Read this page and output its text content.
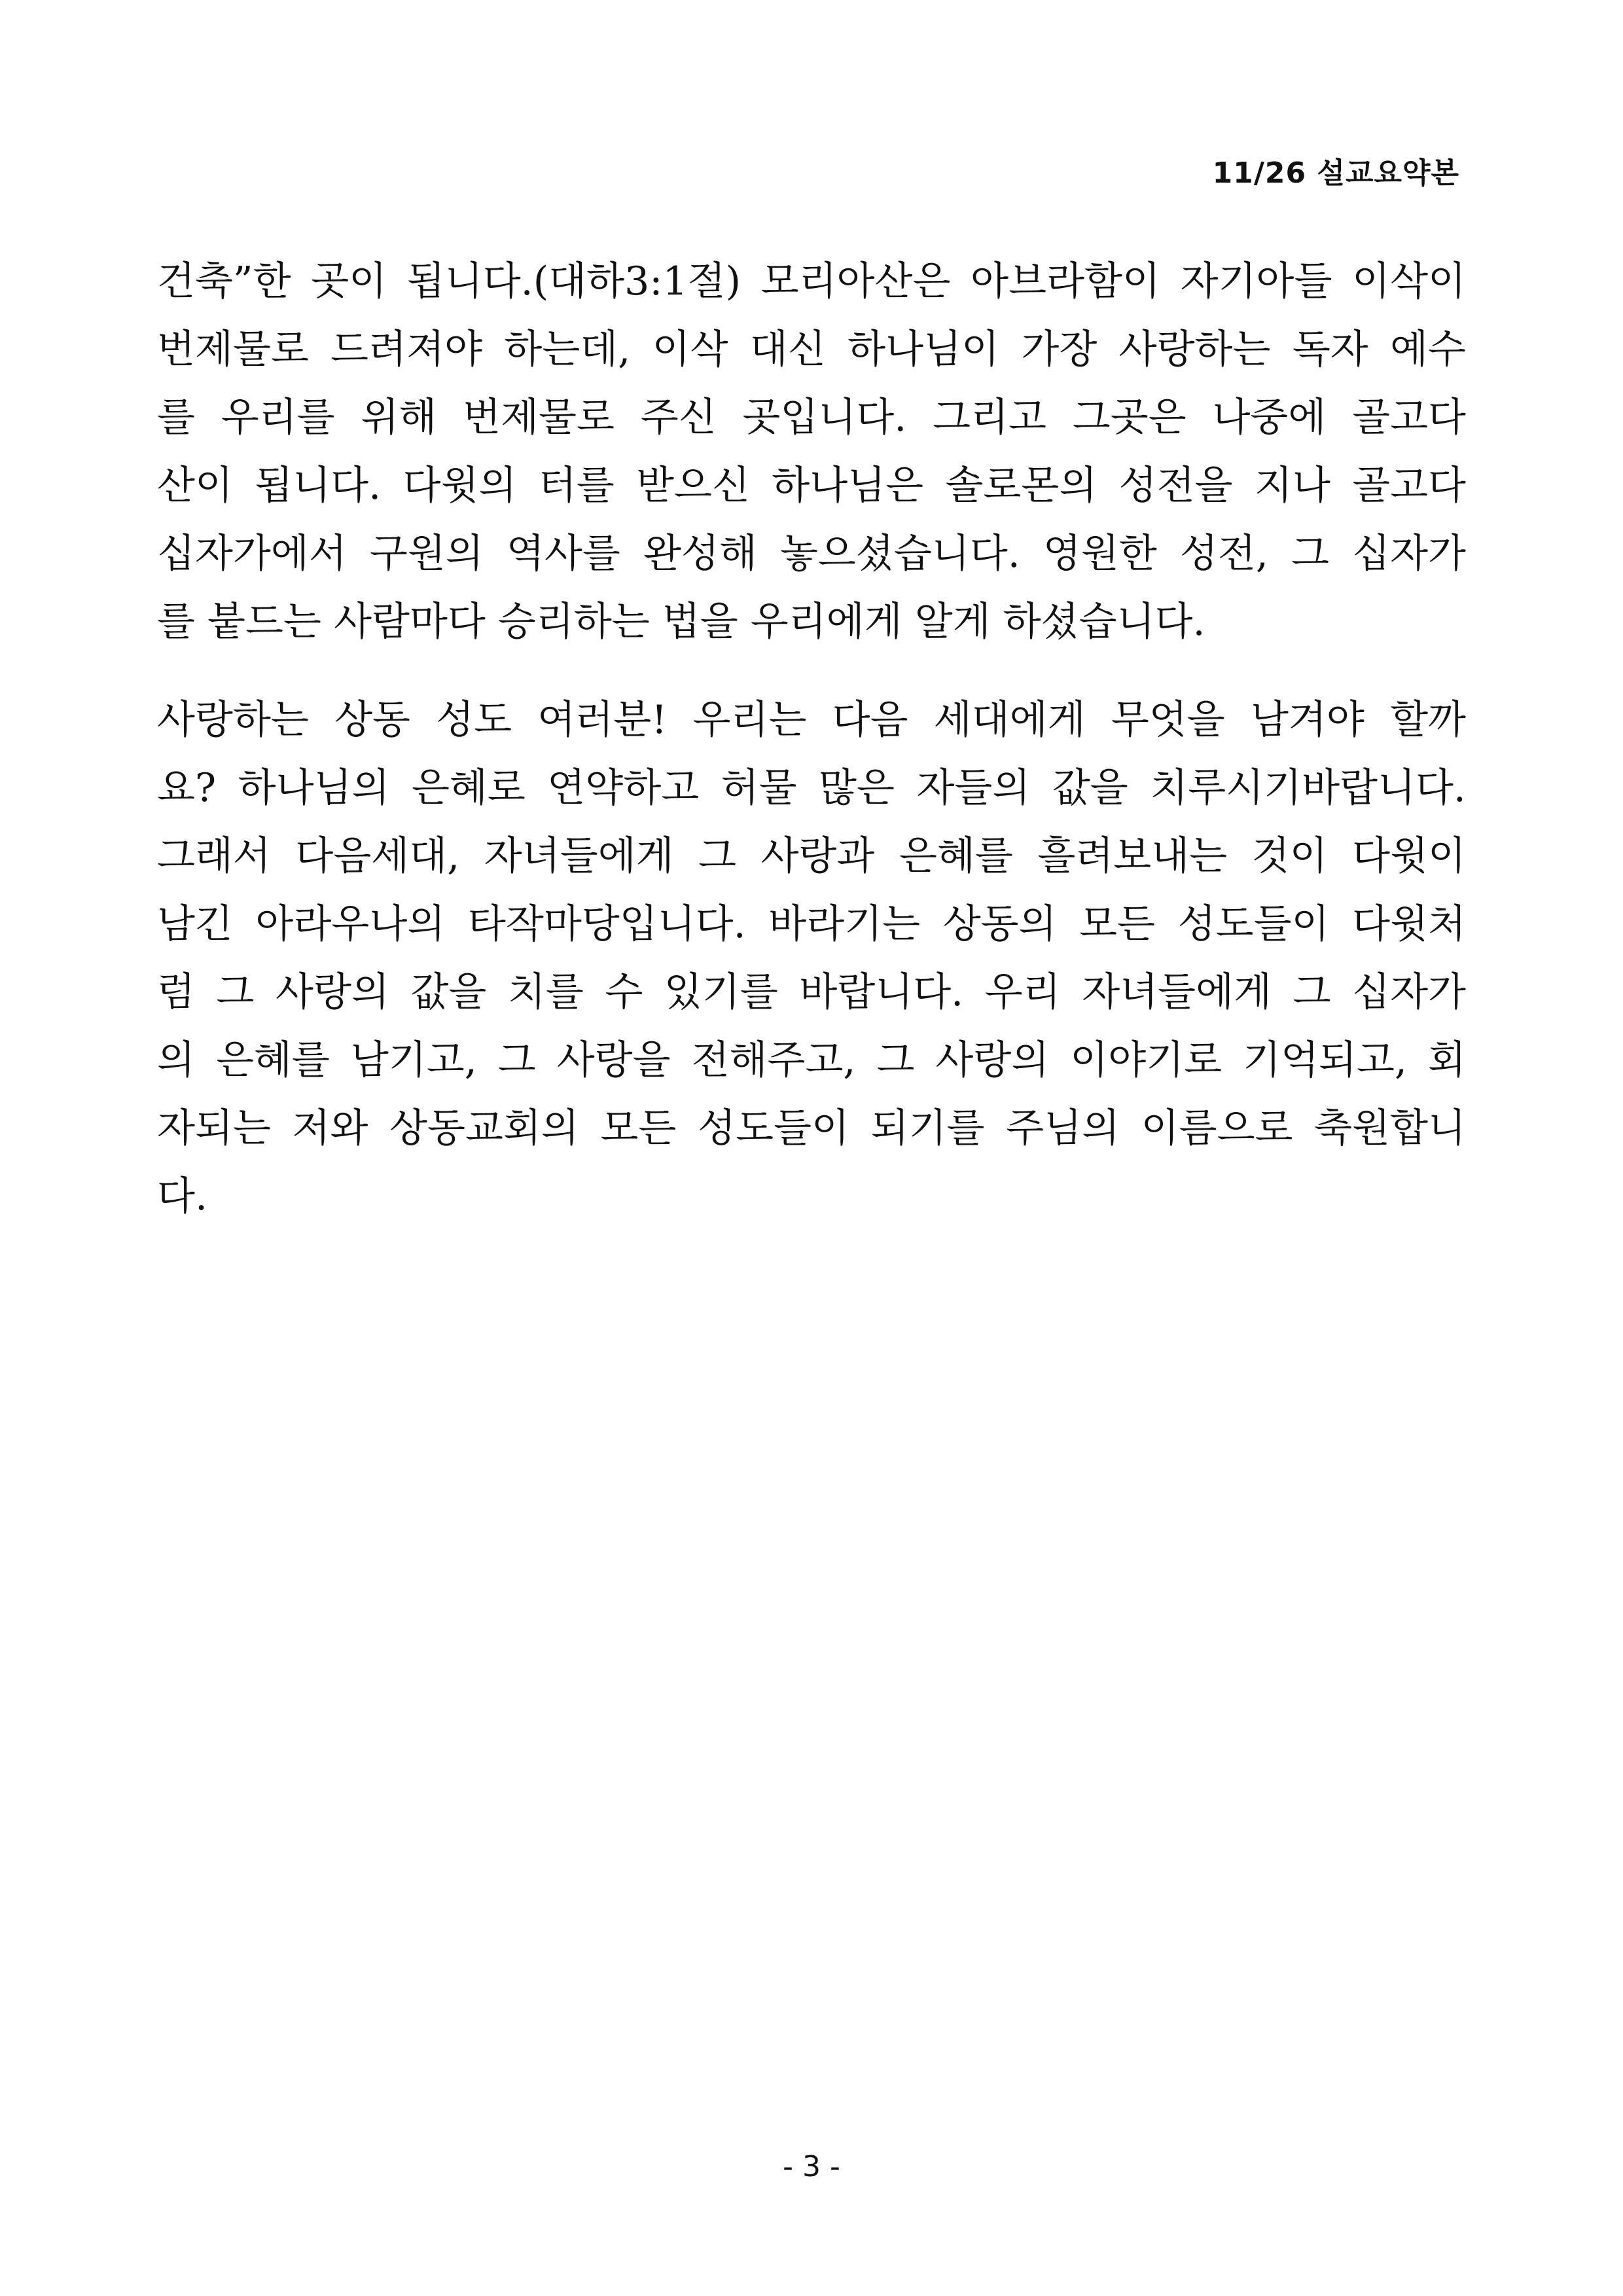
11/26 설교요약본
건축”한 곳이 됩니다.(대하3:1절) 모리아산은 아브라함이 자기아들 이삭이
번제물로 드려져야 하는데, 이삭 대신 하나님이 가장 사랑하는 독자 예수
를 우리를 위해 번제물로 주신 곳입니다. 그리고 그곳은 나중에 골고다
산이 됩니다. 다윗의 터를 받으신 하나님은 솔로몬의 성전을 지나 골고다
십자가에서 구원의 역사를 완성해 놓으셨습니다. 영원한 성전, 그 십자가
를 붙드는 사람마다 승리하는 법을 우리에게 알게 하셨습니다.
사랑하는 상동 성도 여러분! 우리는 다음 세대에게 무엇을 남겨야 할까
요? 하나님의 은혜로 연약하고 허물 많은 자들의 값을 치루시기바랍니다.
그래서 다음세대, 자녀들에게 그 사랑과 은혜를 흘려보내는 것이 다윗이
남긴 아라우나의 타작마당입니다. 바라기는 상동의 모든 성도들이 다윗처
럼 그 사랑의 값을 치를 수 있기를 바랍니다. 우리 자녀들에게 그 십자가
의 은혜를 남기고, 그 사랑을 전해주고, 그 사랑의 이야기로 기억되고, 회
자되는 저와 상동교회의 모든 성도들이 되기를 주님의 이름으로 축원합니
다.
- 3 -
